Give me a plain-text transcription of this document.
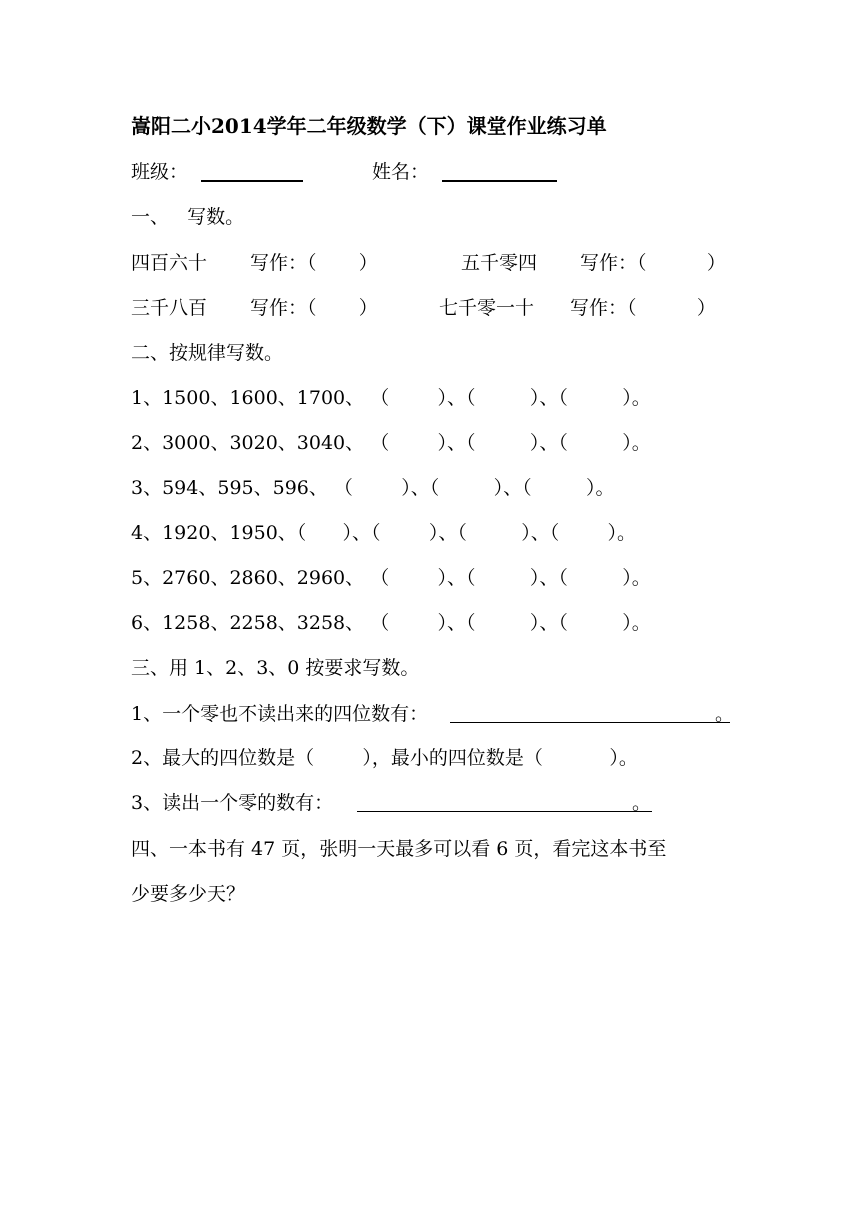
嵩阳二小2014学年二年级数学（下）课堂作业练习单
班级：	姓名：
一、   写数。
四百六十 写作：（       ）	五千零四 写作：（          ）
三千八百 写作：（       ）	七千零一十 写作：（          ）
二、按规律写数。
1、1500、1600、1700、 （        ）、（         ）、（         ）。
2、3000、3020、3040、 （        ）、（         ）、（         ）。
3、594、595、596、 （        ）、（         ）、（         ）。
4、1920、1950、（      ）、（        ）、（         ）、（        ）。
5、2760、2860、2960、 （        ）、（         ）、（         ）。
6、1258、2258、3258、 （        ）、（         ）、（         ）。
三、用 1、2、3、0 按要求写数。
1、一个零也不读出来的四位数有：	。
2、最大的四位数是（        ），最小的四位数是（           ）。
3、读出一个零的数有：	。
四、一本书有 47 页，张明一天最多可以看 6 页，看完这本书至
少要多少天？
